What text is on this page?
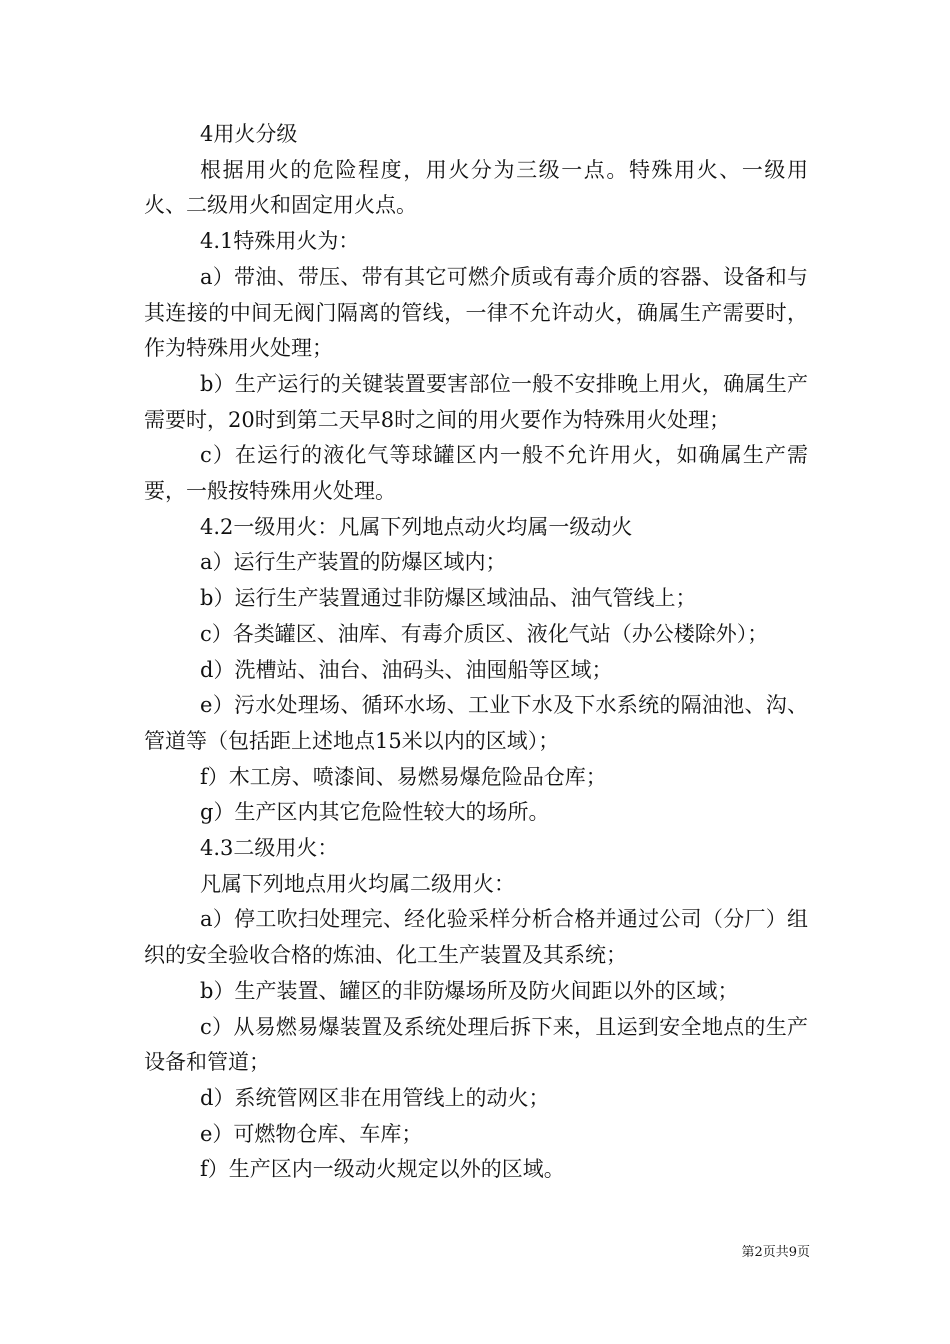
4用火分级

根据用火的危险程度，用火分为三级一点。特殊用火、一级用火、二级用火和固定用火点。

4.1特殊用火为：

a）带油、带压、带有其它可燃介质或有毒介质的容器、设备和与其连接的中间无阀门隔离的管线，一律不允许动火，确属生产需要时，作为特殊用火处理；

b）生产运行的关键装置要害部位一般不安排晚上用火，确属生产需要时，20时到第二天早8时之间的用火要作为特殊用火处理；

c）在运行的液化气等球罐区内一般不允许用火，如确属生产需要，一般按特殊用火处理。

4.2一级用火：凡属下列地点动火均属一级动火

a）运行生产装置的防爆区域内；

b）运行生产装置通过非防爆区域油品、油气管线上；

c）各类罐区、油库、有毒介质区、液化气站（办公楼除外）；

d）洗槽站、油台、油码头、油囤船等区域；

e）污水处理场、循环水场、工业下水及下水系统的隔油池、沟、管道等（包括距上述地点15米以内的区域）；

f）木工房、喷漆间、易燃易爆危险品仓库；

g）生产区内其它危险性较大的场所。

4.3二级用火：

凡属下列地点用火均属二级用火：

a）停工吹扫处理完、经化验采样分析合格并通过公司（分厂）组织的安全验收合格的炼油、化工生产装置及其系统；

b）生产装置、罐区的非防爆场所及防火间距以外的区域；

c）从易燃易爆装置及系统处理后拆下来，且运到安全地点的生产设备和管道；

d）系统管网区非在用管线上的动火；

e）可燃物仓库、车库；

f）生产区内一级动火规定以外的区域。

第2页共9页
